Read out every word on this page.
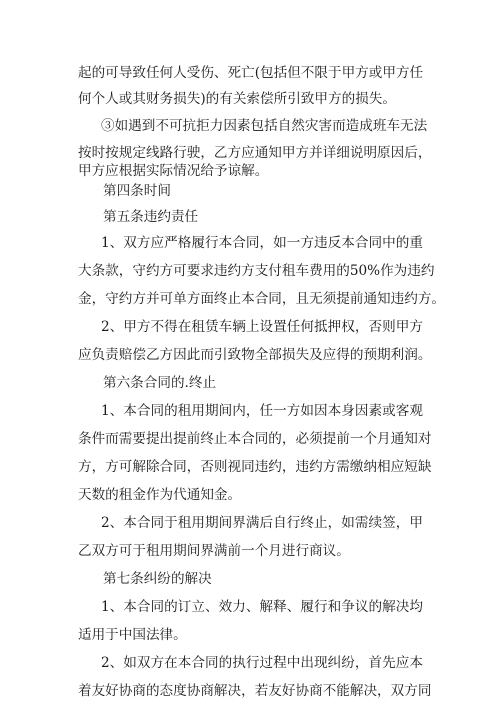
起的可导致任何人受伤、死亡(包括但不限于甲方或甲方任
何个人或其财务损失)的有关索偿所引致甲方的损失。
③如遇到不可抗拒力因素包括自然灾害而造成班车无法
按时按规定线路行驶，乙方应通知甲方并详细说明原因后，
甲方应根据实际情况给予谅解。
第四条时间
第五条违约责任
1、双方应严格履行本合同，如一方违反本合同中的重
大条款，守约方可要求违约方支付租车费用的50%作为违约
金，守约方并可单方面终止本合同，且无须提前通知违约方。
2、甲方不得在租赁车辆上设置任何抵押权，否则甲方
应负责赔偿乙方因此而引致物全部损失及应得的预期利润。
第六条合同的.终止
1、本合同的租用期间内，任一方如因本身因素或客观
条件而需要提出提前终止本合同的，必须提前一个月通知对
方，方可解除合同，否则视同违约，违约方需缴纳相应短缺
天数的租金作为代通知金。
2、本合同于租用期间界满后自行终止，如需续签，甲
乙双方可于租用期间界满前一个月进行商议。
第七条纠纷的解决
1、本合同的订立、效力、解释、履行和争议的解决均
适用于中国法律。
2、如双方在本合同的执行过程中出现纠纷，首先应本
着友好协商的态度协商解决，若友好协商不能解决，双方同
